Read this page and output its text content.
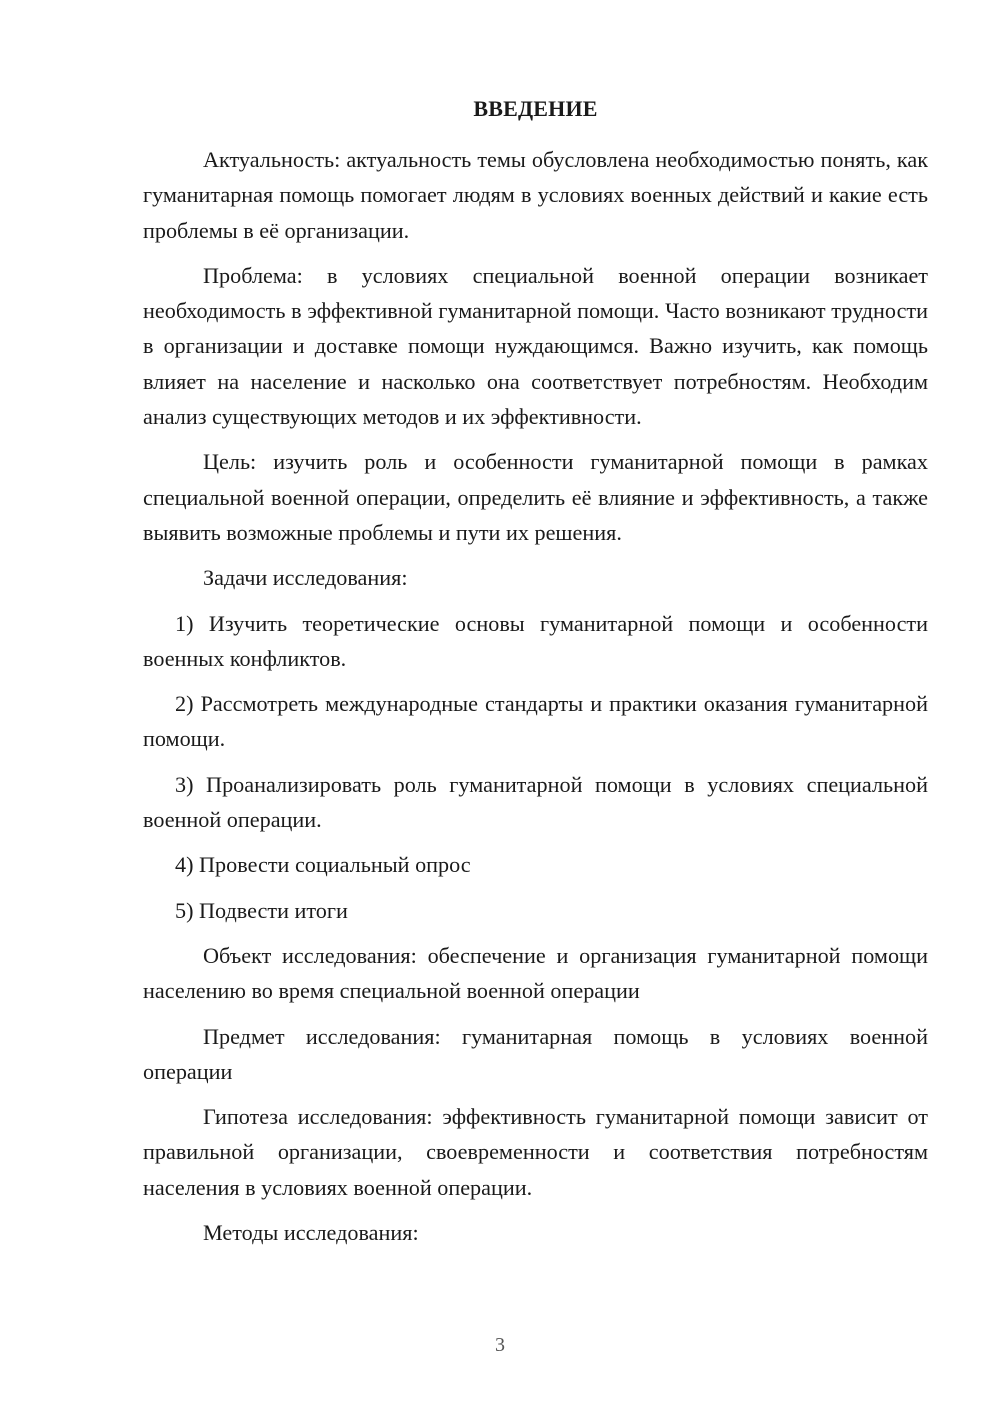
ВВЕДЕНИЕ

Актуальность: актуальность темы обусловлена необходимостью понять, как гуманитарная помощь помогает людям в условиях военных действий и какие есть проблемы в её организации.

Проблема: в условиях специальной военной операции возникает необходимость в эффективной гуманитарной помощи. Часто возникают трудности в организации и доставке помощи нуждающимся. Важно изучить, как помощь влияет на население и насколько она соответствует потребностям. Необходим анализ существующих методов и их эффективности.

Цель: изучить роль и особенности гуманитарной помощи в рамках специальной военной операции, определить её влияние и эффективность, а также выявить возможные проблемы и пути их решения.

Задачи исследования:

1) Изучить теоретические основы гуманитарной помощи и особенности военных конфликтов.

2) Рассмотреть международные стандарты и практики оказания гуманитарной помощи.

3) Проанализировать роль гуманитарной помощи в условиях специальной военной операции.

4) Провести социальный опрос

5) Подвести итоги

Объект исследования: обеспечение и организация гуманитарной помощи населению во время специальной военной операции

Предмет исследования: гуманитарная помощь в условиях военной операции

Гипотеза исследования: эффективность гуманитарной помощи зависит от правильной организации, своевременности и соответствия потребностям населения в условиях военной операции.

Методы исследования:

3
